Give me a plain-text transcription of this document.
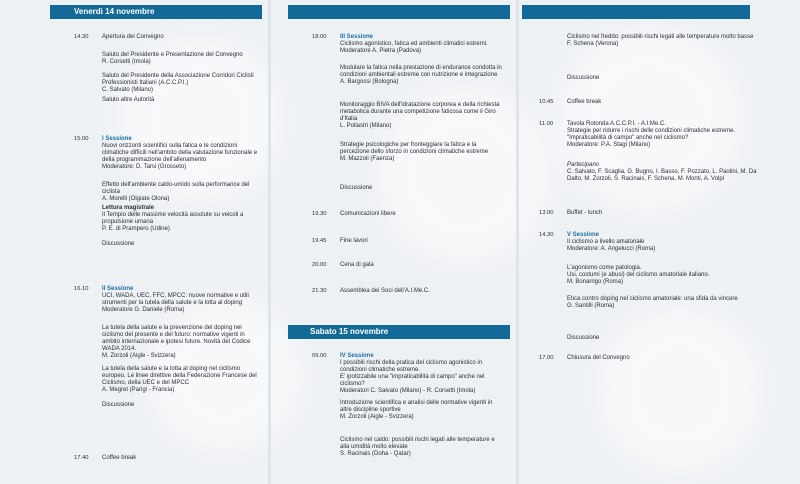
Venerdì 14 novembre
Sabato 15 novembre
14.30 Apertura del Convegno
Saluto del Presidente e Presentazione del Convegno
R. Corsetti (Imola)
Saluto del Presidente della Associazione Corridori Ciclisti Professionisti Italiani (A.C.C.P.I.)
C. Salvato (Milano)
Saluto altre Autorità
15.00 I Sessione
Nuovi orizzonti scientifici sulla fatica e le condizioni climatiche difficili nell'ambito della valutazione funzionale e della programmazione dell'allenamento
Moderatore: D. Tarsi (Grosseto)
Effetto dell'ambiente caldo-umido sulla performance del ciclista
A. Morelli (Olgiate Olona)
Lettura magistrale
Il Tempio delle massime velocità assolute su veicoli a propulsione umana
P. E. di Prampero (Udine)
Discussione
16.10 II Sessione
UCI, WADA, UEC, FFC, MPCC: nuove normative e utili strumenti per la tutela della salute e la lotta al doping
Moderatore G. Daniele (Roma)
La tutela della salute e la prevenzione del doping nei ciclismo del presente e del futuro: normative vigenti in ambito internazionale e ipotesi future. Novità del Codice WADA 2014.
M. Zorzoli (Aigle - Svizzera)
La tutela della salute e la lotta al doping nel ciclismo europeo. Le linee direttive della Federazione Francese del Ciclismo, della UEC e del MPCC
A. Megret (Parigi - Francia)
Discussione
17.40 Coffee break
18.00 III Sessione
Ciclismo agonistico, fatica ed ambienti climatici estremi.
Moderatore A. Pietra (Padova)
Modulare la fatica nella prestazione di endurance condotta in condizioni ambientali estreme con nutrizione e integrazione
A. Bargossi (Bologna)
Monitoraggio BIVA dell'idratazione corporea e della richiesta metabolica durante una competizione faticosa come il Giro d'Italia
L. Pollastri (Milano)
Strategie psicologiche per fronteggiare la fatica e la percezione dello sforzo in condizioni climatiche estreme
M. Mazzoli (Faenza)
Discussione
19.30 Comunicazioni libere
19.45 Fine lavori
20.00 Cena di gala
21.30 Assemblea dei Soci dell'A.I.Me.C.
09.00 IV Sessione
I possibili rischi della pratica del ciclismo agonistico in condizioni climatiche estreme.
E' ipotizzabile una "impraticabilità di campo" anche nel ciclismo?
Moderatori C. Salvato (Milano) - R. Corsetti (Imola)
Introduzione scientifica e analisi delle normative vigenti in altre discipline sportive
M. Zorzoli (Aigle - Svizzera)
Ciclismo nel caldo: possibili rischi legati alle temperature e alla umidità molto elevate
S. Racinais (Doha - Qatar)
Ciclismo nel freddo: possibili rischi legati alle temperature molto basse
F. Schena (Verona)
Discussione
10.45 Coffee break
11.00 Tavola Rotonda A.C.C.P.I. - A.I.Me.C.
Strategie per ridurre i rischi delle condizioni climatiche estreme. "Impraticabilità di campo" anche nel ciclismo?
Moderatore: P.A. Stagi (Milano)
Partecipano
C. Salvato, F. Scaglia, G. Bugno, I. Basso, F. Pozzato, L. Paolini, M. Da Dalto, M. Zorzoli, S. Racinais, F. Schena, M. Monti, A. Volpi
13.00 Buffet - lunch
14.30 V Sessione
Il ciclismo a livello amatoriale
Moderatore: A. Angelucci (Roma)
L'agonismo come patologia.
Usi, costumi (e abusi) del ciclismo amatoriale italiano.
M. Bonarrigo (Roma)
Etica contro doping nel ciclismo amatoriale: una sfida da vincere
G. Santilli (Roma)
Discussione
17.00 Chiusura del Convegno
